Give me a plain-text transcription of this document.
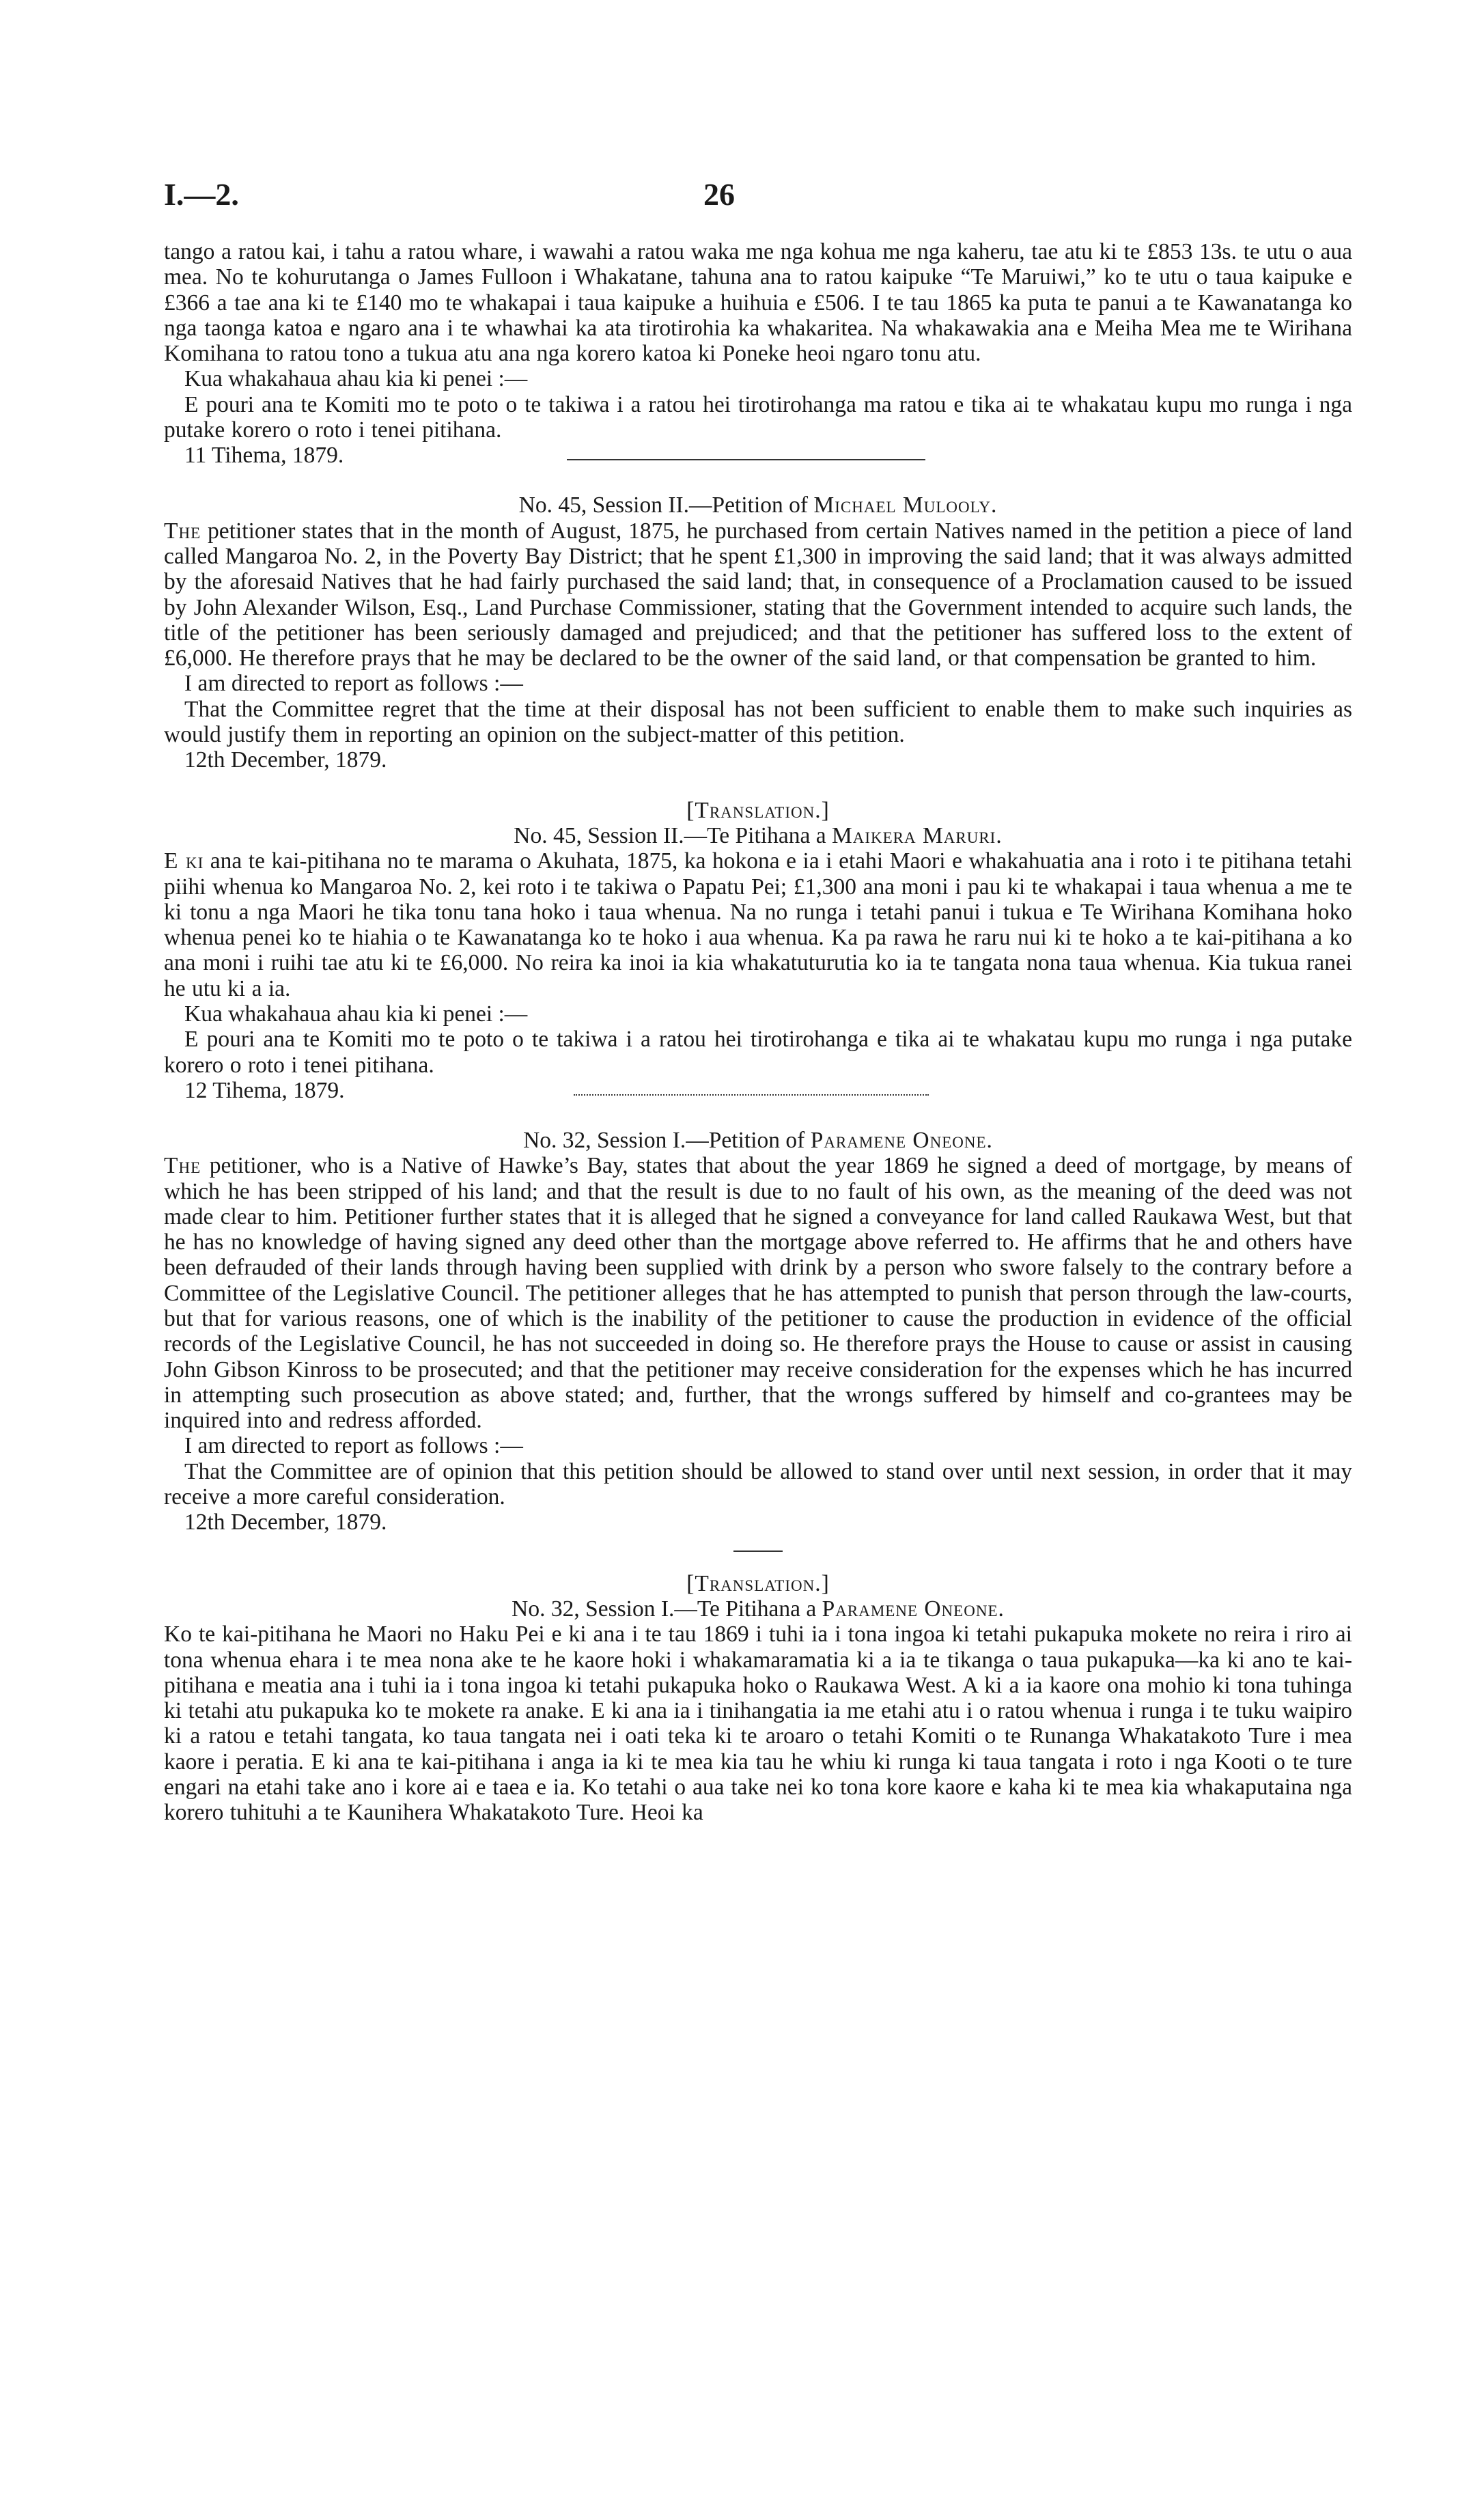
I.—2.	26

tango a ratou kai, i tahu a ratou whare, i wawahi a ratou waka me nga kohua me nga kaheru, tae atu ki te £853 13s. te utu o aua mea. No te kohurutanga o James Fulloon i Whakatane, tahuna ana to ratou kaipuke “Te Maruiwi,” ko te utu o taua kaipuke e £366 a tae ana ki te £140 mo te whakapai i taua kaipuke a huihuia e £506. I te tau 1865 ka puta te panui a te Kawanatanga ko nga taonga katoa e ngaro ana i te whawhai ka ata tirotirohia ka whakaritea. Na whakawakia ana e Meiha Mea me te Wirihana Komihana to ratou tono a tukua atu ana nga korero katoa ki Poneke heoi ngaro tonu atu.

Kua whakahaua ahau kia ki penei :—

E pouri ana te Komiti mo te poto o te takiwa i a ratou hei tirotirohanga ma ratou e tika ai te whakatau kupu mo runga i nga putake korero o roto i tenei pitihana.

11 Tihema, 1879.

No. 45, Session II.—Petition of Michael Mulooly.

The petitioner states that in the month of August, 1875, he purchased from certain Natives named in the petition a piece of land called Mangaroa No. 2, in the Poverty Bay District; that he spent £1,300 in improving the said land; that it was always admitted by the aforesaid Natives that he had fairly purchased the said land; that, in consequence of a Proclamation caused to be issued by John Alexander Wilson, Esq., Land Purchase Commissioner, stating that the Government intended to acquire such lands, the title of the petitioner has been seriously damaged and prejudiced; and that the petitioner has suffered loss to the extent of £6,000. He therefore prays that he may be declared to be the owner of the said land, or that compensation be granted to him.

I am directed to report as follows :—

That the Committee regret that the time at their disposal has not been sufficient to enable them to make such inquiries as would justify them in reporting an opinion on the subject-matter of this petition.

12th December, 1879.

[Translation.]

No. 45, Session II.—Te Pitihana a Maikera Maruri.

E ki ana te kai-pitihana no te marama o Akuhata, 1875, ka hokona e ia i etahi Maori e whakahuatia ana i roto i te pitihana tetahi piihi whenua ko Mangaroa No. 2, kei roto i te takiwa o Papatu Pei; £1,300 ana moni i pau ki te whakapai i taua whenua a me te ki tonu a nga Maori he tika tonu tana hoko i taua whenua. Na no runga i tetahi panui i tukua e Te Wirihana Komihana hoko whenua penei ko te hiahia o te Kawanatanga ko te hoko i aua whenua. Ka pa rawa he raru nui ki te hoko a te kai-pitihana a ko ana moni i ruihi tae atu ki te £6,000. No reira ka inoi ia kia whakatuturutia ko ia te tangata nona taua whenua. Kia tukua ranei he utu ki a ia.

Kua whakahaua ahau kia ki penei :—

E pouri ana te Komiti mo te poto o te takiwa i a ratou hei tirotirohanga e tika ai te whakatau kupu mo runga i nga putake korero o roto i tenei pitihana.

12 Tihema, 1879.

No. 32, Session I.—Petition of Paramene Oneone.

The petitioner, who is a Native of Hawke’s Bay, states that about the year 1869 he signed a deed of mortgage, by means of which he has been stripped of his land; and that the result is due to no fault of his own, as the meaning of the deed was not made clear to him. Petitioner further states that it is alleged that he signed a conveyance for land called Raukawa West, but that he has no knowledge of having signed any deed other than the mortgage above referred to. He affirms that he and others have been defrauded of their lands through having been supplied with drink by a person who swore falsely to the contrary before a Committee of the Legislative Council. The petitioner alleges that he has attempted to punish that person through the law-courts, but that for various reasons, one of which is the inability of the petitioner to cause the production in evidence of the official records of the Legislative Council, he has not succeeded in doing so. He therefore prays the House to cause or assist in causing John Gibson Kinross to be prosecuted; and that the petitioner may receive consideration for the expenses which he has incurred in attempting such prosecution as above stated; and, further, that the wrongs suffered by himself and co-grantees may be inquired into and redress afforded.

I am directed to report as follows :—

That the Committee are of opinion that this petition should be allowed to stand over until next session, in order that it may receive a more careful consideration.

12th December, 1879.

[Translation.]

No. 32, Session I.—Te Pitihana a Paramene Oneone.

Ko te kai-pitihana he Maori no Haku Pei e ki ana i te tau 1869 i tuhi ia i tona ingoa ki tetahi pukapuka mokete no reira i riro ai tona whenua ehara i te mea nona ake te he kaore hoki i whakamaramatia ki a ia te tikanga o taua pukapuka—ka ki ano te kai-pitihana e meatia ana i tuhi ia i tona ingoa ki tetahi pukapuka hoko o Raukawa West. A ki a ia kaore ona mohio ki tona tuhinga ki tetahi atu pukapuka ko te mokete ra anake. E ki ana ia i tinihangatia ia me etahi atu i o ratou whenua i runga i te tuku waipiro ki a ratou e tetahi tangata, ko taua tangata nei i oati teka ki te aroaro o tetahi Komiti o te Runanga Whakatakoto Ture i mea kaore i peratia. E ki ana te kai-pitihana i anga ia ki te mea kia tau he whiu ki runga ki taua tangata i roto i nga Kooti o te ture engari na etahi take ano i kore ai e taea e ia. Ko tetahi o aua take nei ko tona kore kaore e kaha ki te mea kia whakaputaina nga korero tuhituhi a te Kaunihera Whakatakoto Ture. Heoi ka
